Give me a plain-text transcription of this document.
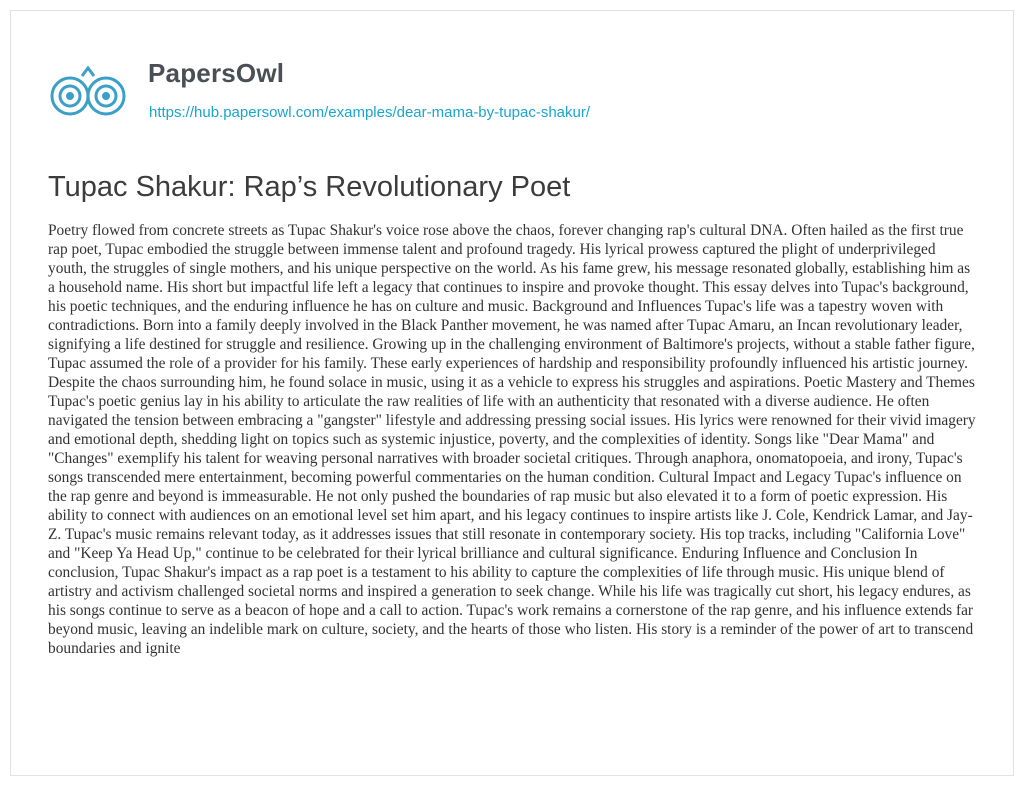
PapersOwl
https://hub.papersowl.com/examples/dear-mama-by-tupac-shakur/
Tupac Shakur: Rap’s Revolutionary Poet

Poetry flowed from concrete streets as Tupac Shakur's voice rose above the chaos, forever changing rap's cultural DNA. Often hailed as the first true rap poet, Tupac embodied the struggle between immense talent and profound tragedy. His lyrical prowess captured the plight of underprivileged youth, the struggles of single mothers, and his unique perspective on the world. As his fame grew, his message resonated globally, establishing him as a household name. His short but impactful life left a legacy that continues to inspire and provoke thought. This essay delves into Tupac's background, his poetic techniques, and the enduring influence he has on culture and music. Background and Influences Tupac's life was a tapestry woven with contradictions. Born into a family deeply involved in the Black Panther movement, he was named after Tupac Amaru, an Incan revolutionary leader, signifying a life destined for struggle and resilience. Growing up in the challenging environment of Baltimore's projects, without a stable father figure, Tupac assumed the role of a provider for his family. These early experiences of hardship and responsibility profoundly influenced his artistic journey. Despite the chaos surrounding him, he found solace in music, using it as a vehicle to express his struggles and aspirations. Poetic Mastery and Themes Tupac's poetic genius lay in his ability to articulate the raw realities of life with an authenticity that resonated with a diverse audience. He often navigated the tension between embracing a "gangster" lifestyle and addressing pressing social issues. His lyrics were renowned for their vivid imagery and emotional depth, shedding light on topics such as systemic injustice, poverty, and the complexities of identity. Songs like "Dear Mama" and "Changes" exemplify his talent for weaving personal narratives with broader societal critiques. Through anaphora, onomatopoeia, and irony, Tupac's songs transcended mere entertainment, becoming powerful commentaries on the human condition. Cultural Impact and Legacy Tupac's influence on the rap genre and beyond is immeasurable. He not only pushed the boundaries of rap music but also elevated it to a form of poetic expression. His ability to connect with audiences on an emotional level set him apart, and his legacy continues to inspire artists like J. Cole, Kendrick Lamar, and Jay-Z. Tupac's music remains relevant today, as it addresses issues that still resonate in contemporary society. His top tracks, including "California Love" and "Keep Ya Head Up," continue to be celebrated for their lyrical brilliance and cultural significance. Enduring Influence and Conclusion In conclusion, Tupac Shakur's impact as a rap poet is a testament to his ability to capture the complexities of life through music. His unique blend of artistry and activism challenged societal norms and inspired a generation to seek change. While his life was tragically cut short, his legacy endures, as his songs continue to serve as a beacon of hope and a call to action. Tupac's work remains a cornerstone of the rap genre, and his influence extends far beyond music, leaving an indelible mark on culture, society, and the hearts of those who listen. His story is a reminder of the power of art to transcend boundaries and ignite
